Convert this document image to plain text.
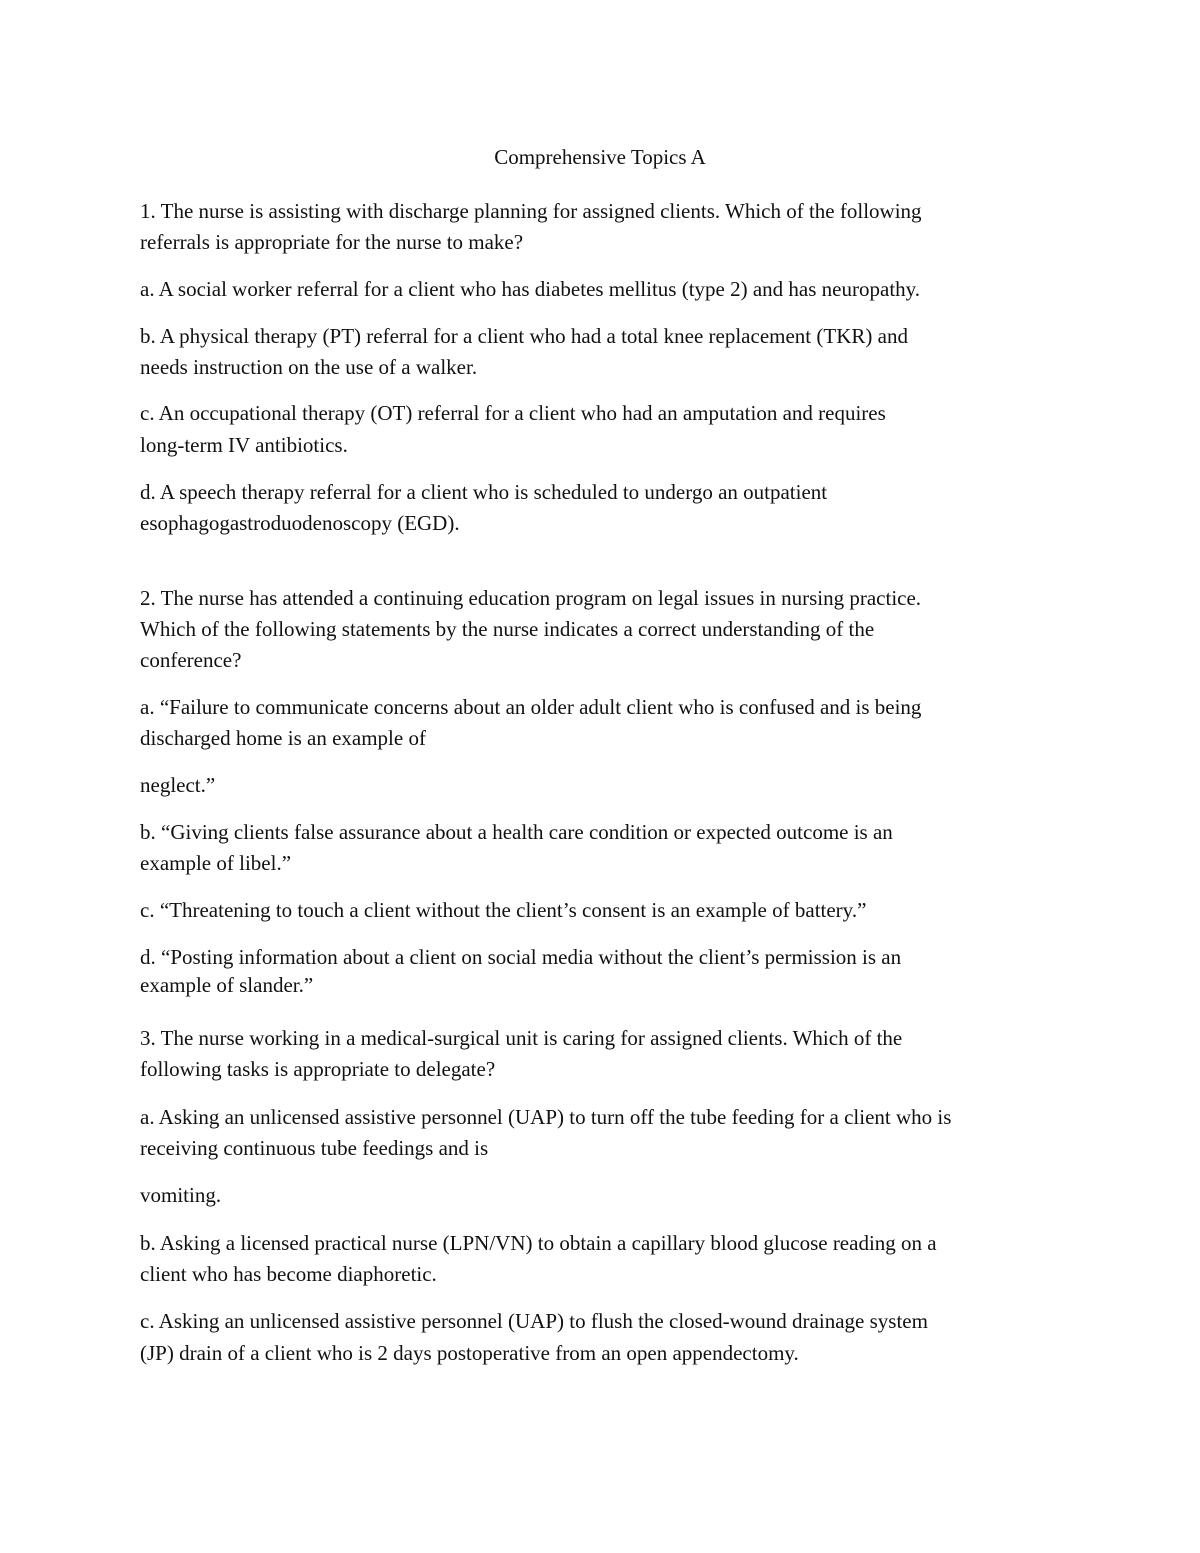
Comprehensive Topics A
1. The nurse is assisting with discharge planning for assigned clients. Which of the following
referrals is appropriate for the nurse to make?
a. A social worker referral for a client who has diabetes mellitus (type 2) and has neuropathy.
b. A physical therapy (PT) referral for a client who had a total knee replacement (TKR) and
needs instruction on the use of a walker.
c. An occupational therapy (OT) referral for a client who had an amputation and requires
long-term IV antibiotics.
d. A speech therapy referral for a client who is scheduled to undergo an outpatient
esophagogastroduodenoscopy (EGD).
2. The nurse has attended a continuing education program on legal issues in nursing practice.
Which of the following statements by the nurse indicates a correct understanding of the
conference?
a. “Failure to communicate concerns about an older adult client who is confused and is being
discharged home is an example of
neglect.”
b. “Giving clients false assurance about a health care condition or expected outcome is an
example of libel.”
c. “Threatening to touch a client without the client’s consent is an example of battery.”
d. “Posting information about a client on social media without the client’s permission is an
example of slander.”
3. The nurse working in a medical-surgical unit is caring for assigned clients. Which of the
following tasks is appropriate to delegate?
a. Asking an unlicensed assistive personnel (UAP) to turn off the tube feeding for a client who is
receiving continuous tube feedings and is
vomiting.
b. Asking a licensed practical nurse (LPN/VN) to obtain a capillary blood glucose reading on a
client who has become diaphoretic.
c. Asking an unlicensed assistive personnel (UAP) to flush the closed-wound drainage system
(JP) drain of a client who is 2 days postoperative from an open appendectomy.
